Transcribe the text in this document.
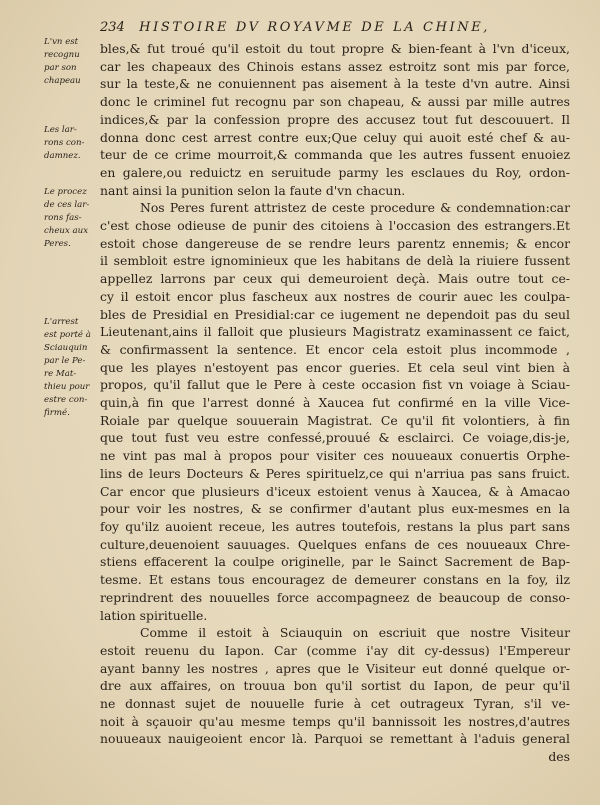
234 HISTOIRE DV ROYAVME DE LA CHINE,
L'vn est
recognu
par son
chapeau
Les lar-
rons con-
damnez.
Le procez
de ces lar-
rons fas-
cheux aux
Peres.
L'arrest
est porté à
Sciauquin
par le Pe-
re Mat-
thieu pour
estre con-
firmé.
bles,& fut troué qu'il estoit du tout propre & bien-feant à l'vn d'iceux,
car les chapeaux des Chinois estans assez estroitz sont mis par force,
sur la teste,& ne conuiennent pas aisement à la teste d'vn autre. Ainsi
donc le criminel fut recognu par son chapeau, & aussi par mille autres
indices,& par la confession propre des accusez tout fut descouuert. Il
donna donc cest arrest contre eux;Que celuy qui auoit esté chef & au-
teur de ce crime mourroit,& commanda que les autres fussent enuoiez
en galere,ou reduictz en seruitude parmy les esclaues du Roy, ordon-
nant ainsi la punition selon la faute d'vn chacun.
Nos Peres furent attristez de ceste procedure & condemnation:car
c'est chose odieuse de punir des citoiens à l'occasion des estrangers.Et
estoit chose dangereuse de se rendre leurs parentz ennemis; & encor
il sembloit estre ignominieux que les habitans de delà la riuiere fussent
appellez larrons par ceux qui demeuroient deçà. Mais outre tout ce-
cy il estoit encor plus fascheux aux nostres de courir auec les coulpa-
bles de Presidial en Presidial:car ce iugement ne dependoit pas du seul
Lieutenant,ains il falloit que plusieurs Magistratz examinassent ce faict,
& confirmassent la sentence. Et encor cela estoit plus incommode ,
que les playes n'estoyent pas encor gueries. Et cela seul vint bien à
propos, qu'il fallut que le Pere à ceste occasion fist vn voiage à Sciau-
quin,à fin que l'arrest donné à Xaucea fut confirmé en la ville Vice-
Roiale par quelque souuerain Magistrat. Ce qu'il fit volontiers, à fin
que tout fust veu estre confessé,prouué & esclairci. Ce voiage,dis-je,
ne vint pas mal à propos pour visiter ces nouueaux conuertis Orphe-
lins de leurs Docteurs & Peres spirituelz,ce qui n'arriua pas sans fruict.
Car encor que plusieurs d'iceux estoient venus à Xaucea, & à Amacao
pour voir les nostres, & se confirmer d'autant plus eux-mesmes en la
foy qu'ilz auoient receue, les autres toutefois, restans la plus part sans
culture,deuenoient sauuages. Quelques enfans de ces nouueaux Chre-
stiens effacerent la coulpe originelle, par le Sainct Sacrement de Bap-
tesme. Et estans tous encouragez de demeurer constans en la foy, ilz
reprindrent des nouuelles force accompagneez de beaucoup de conso-
lation spirituelle.
Comme il estoit à Sciauquin on escriuit que nostre Visiteur
estoit reuenu du Iapon. Car (comme i'ay dit cy-dessus) l'Empereur
ayant banny les nostres , apres que le Visiteur eut donné quelque or-
dre aux affaires, on trouua bon qu'il sortist du Iapon, de peur qu'il
ne donnast sujet de nouuelle furie à cet outrageux Tyran, s'il ve-
noit à sçauoir qu'au mesme temps qu'il bannissoit les nostres,d'autres
nouueaux nauigeoient encor là. Parquoi se remettant à l'aduis general
des
